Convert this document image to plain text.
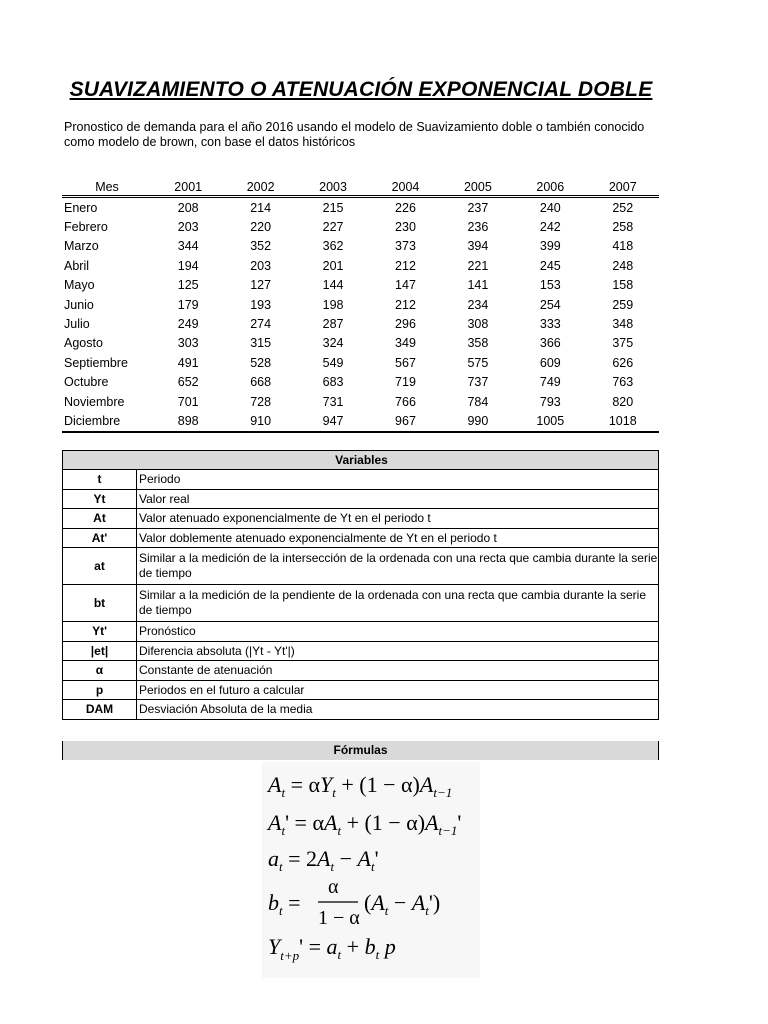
SUAVIZAMIENTO O ATENUACIÓN EXPONENCIAL DOBLE
Pronostico de demanda para el año 2016 usando el modelo de Suavizamiento doble o también conocido como modelo de brown, con base el datos históricos
Mes	2001	2002	2003	2004	2005	2006	2007
Enero	208	214	215	226	237	240	252
Febrero	203	220	227	230	236	242	258
Marzo	344	352	362	373	394	399	418
Abril	194	203	201	212	221	245	248
Mayo	125	127	144	147	141	153	158
Junio	179	193	198	212	234	254	259
Julio	249	274	287	296	308	333	348
Agosto	303	315	324	349	358	366	375
Septiembre	491	528	549	567	575	609	626
Octubre	652	668	683	719	737	749	763
Noviembre	701	728	731	766	784	793	820
Diciembre	898	910	947	967	990	1005	1018
Variables	
t	Periodo
Yt	Valor real
At	Valor atenuado exponencialmente de Yt en el periodo t
At'	Valor doblemente atenuado exponencialmente de Yt en el periodo t
at	Similar a la medición de la intersección de la ordenada con una recta que cambia durante la serie de tiempo
bt	Similar a la medición de la pendiente de la ordenada con una recta que cambia durante la serie de tiempo
Yt'	Pronóstico
|et|	Diferencia absoluta (|Yt - Yt'|)
α	Constante de atenuación
p	Periodos en el futuro a calcular
DAM	Desviación Absoluta de la media
Fórmulas
$A_t = \alpha Y_t + (1 - \alpha)A_{t-1}$
$A_t' = \alpha A_t + (1 - \alpha)A_{t-1}'$
$a_t = 2A_t - A_t'$
$b_t$ =
α
1 − α
$(A_t - A_t')$
$Y_{t+p}' = a_t + b_t$ p
